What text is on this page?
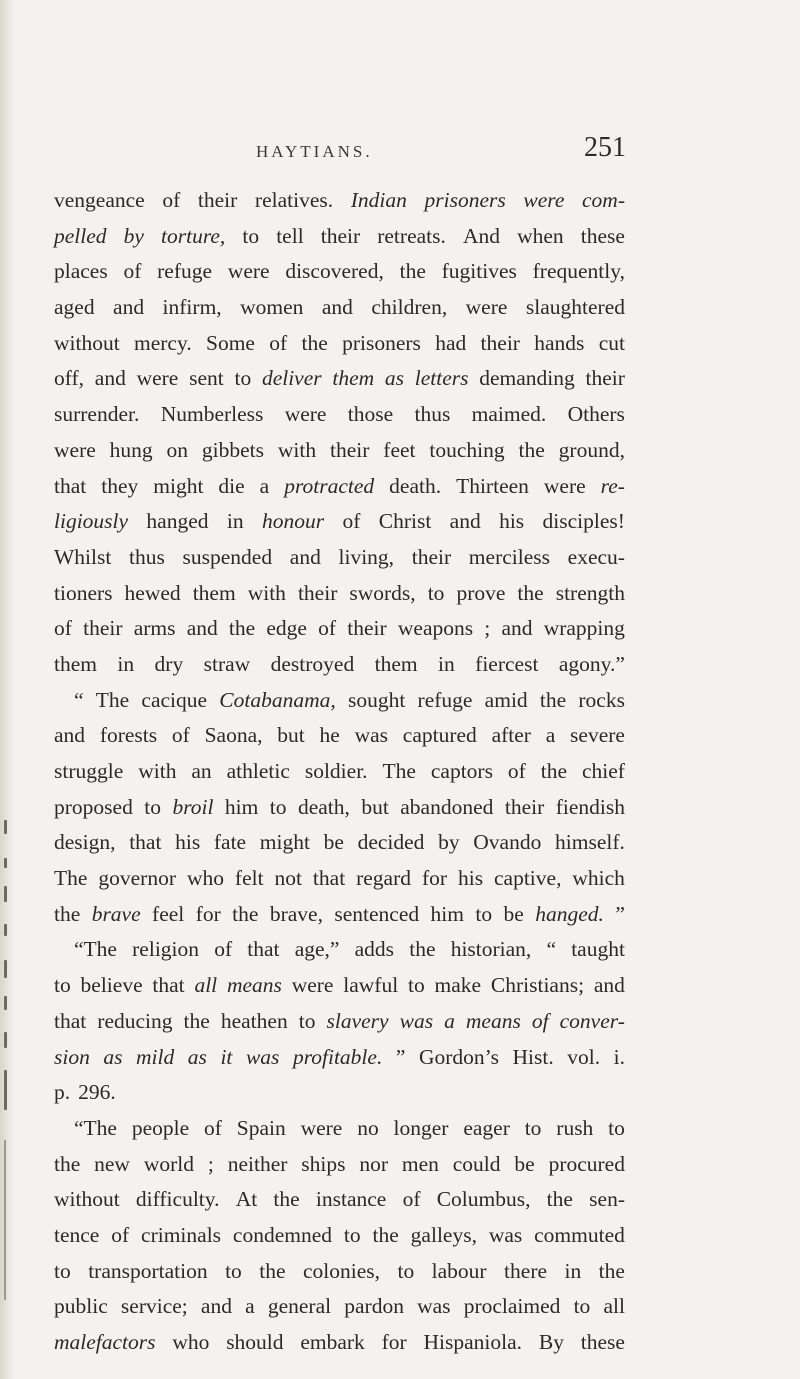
HAYTIANS.	251
vengeance of their relatives. Indian prisoners were com-
pelled by torture, to tell their retreats. And when these
places of refuge were discovered, the fugitives frequently,
aged and infirm, women and children, were slaughtered
without mercy. Some of the prisoners had their hands cut
off, and were sent to deliver them as letters demanding their
surrender. Numberless were those thus maimed. Others
were hung on gibbets with their feet touching the ground,
that they might die a protracted death. Thirteen were re-
ligiously hanged in honour of Christ and his disciples!
Whilst thus suspended and living, their merciless execu-
tioners hewed them with their swords, to prove the strength
of their arms and the edge of their weapons ; and wrapping
them in dry straw destroyed them in fiercest agony.”
“ The cacique Cotabanama, sought refuge amid the rocks
and forests of Saona, but he was captured after a severe
struggle with an athletic soldier. The captors of the chief
proposed to broil him to death, but abandoned their fiendish
design, that his fate might be decided by Ovando himself.
The governor who felt not that regard for his captive, which
the brave feel for the brave, sentenced him to be hanged. ”
“The religion of that age,” adds the historian, “ taught
to believe that all means were lawful to make Christians; and
that reducing the heathen to slavery was a means of conver-
sion as mild as it was profitable. ” Gordon’s Hist. vol. i.
p. 296.
“The people of Spain were no longer eager to rush to
the new world ; neither ships nor men could be procured
without difficulty. At the instance of Columbus, the sen-
tence of criminals condemned to the galleys, was commuted
to transportation to the colonies, to labour there in the
public service; and a general pardon was proclaimed to all
malefactors who should embark for Hispaniola. By these
